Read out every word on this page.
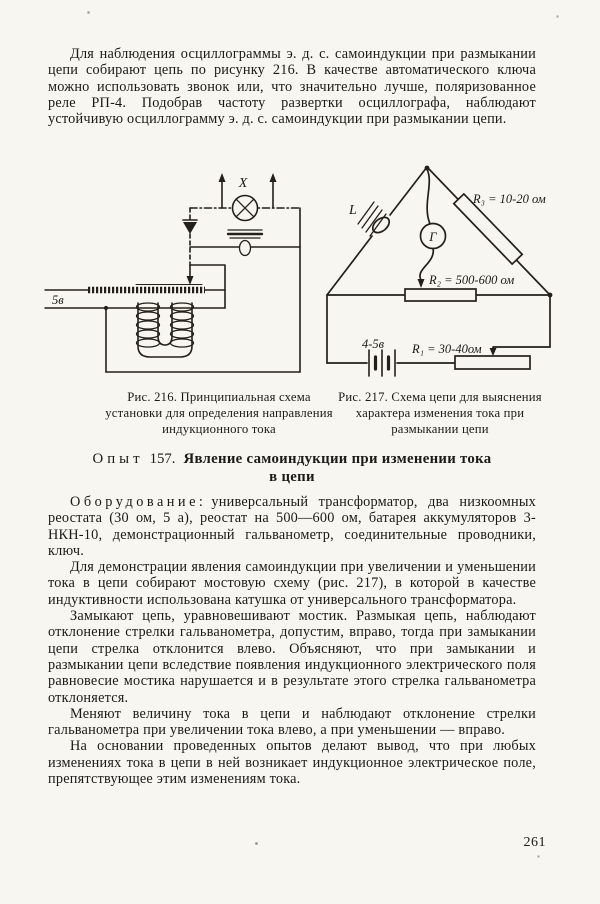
Для наблюдения осциллограммы э. д. с. самоиндукции при размыкании цепи собирают цепь по рисунку 216. В качестве автоматического ключа можно использовать звонок или, что значительно лучше, поляризованное реле РП-4. Подобрав частоту развертки осциллографа, наблюдают устойчивую осциллограмму э. д. с. самоиндукции при размыкании цепи.

X
5в
L
Г
R₃ = 10-20 ом
R₂ = 500-600 ом
R₁ = 30-40ом
4-5в
Рис. 216. Принципиальная схема установки для определения направления индукционного тока
Рис. 217. Схема цепи для выяснения характера изменения тока при размыкании цепи
Опыт 157. Явление самоиндукции при изменении тока
в цепи

Оборудование: универсальный трансформатор, два низкоомных реостата (30 ом, 5 а), реостат на 500—600 ом, батарея аккумуляторов 3-НКН-10, демонстрационный гальванометр, соединительные проводники, ключ.

Для демонстрации явления самоиндукции при увеличении и уменьшении тока в цепи собирают мостовую схему (рис. 217), в которой в качестве индуктивности использована катушка от универсального трансформатора.

Замыкают цепь, уравновешивают мостик. Размыкая цепь, наблюдают отклонение стрелки гальванометра, допустим, вправо, тогда при замыкании цепи стрелка отклонится влево. Объясняют, что при замыкании и размыкании цепи вследствие появления индукционного электрического поля равновесие мостика нарушается и в результате этого стрелка гальванометра отклоняется.

Меняют величину тока в цепи и наблюдают отклонение стрелки гальванометра при увеличении тока влево, а при уменьшении — вправо.

На основании проведенных опытов делают вывод, что при любых изменениях тока в цепи в ней возникает индукционное электрическое поле, препятствующее этим изменениям тока.

261
